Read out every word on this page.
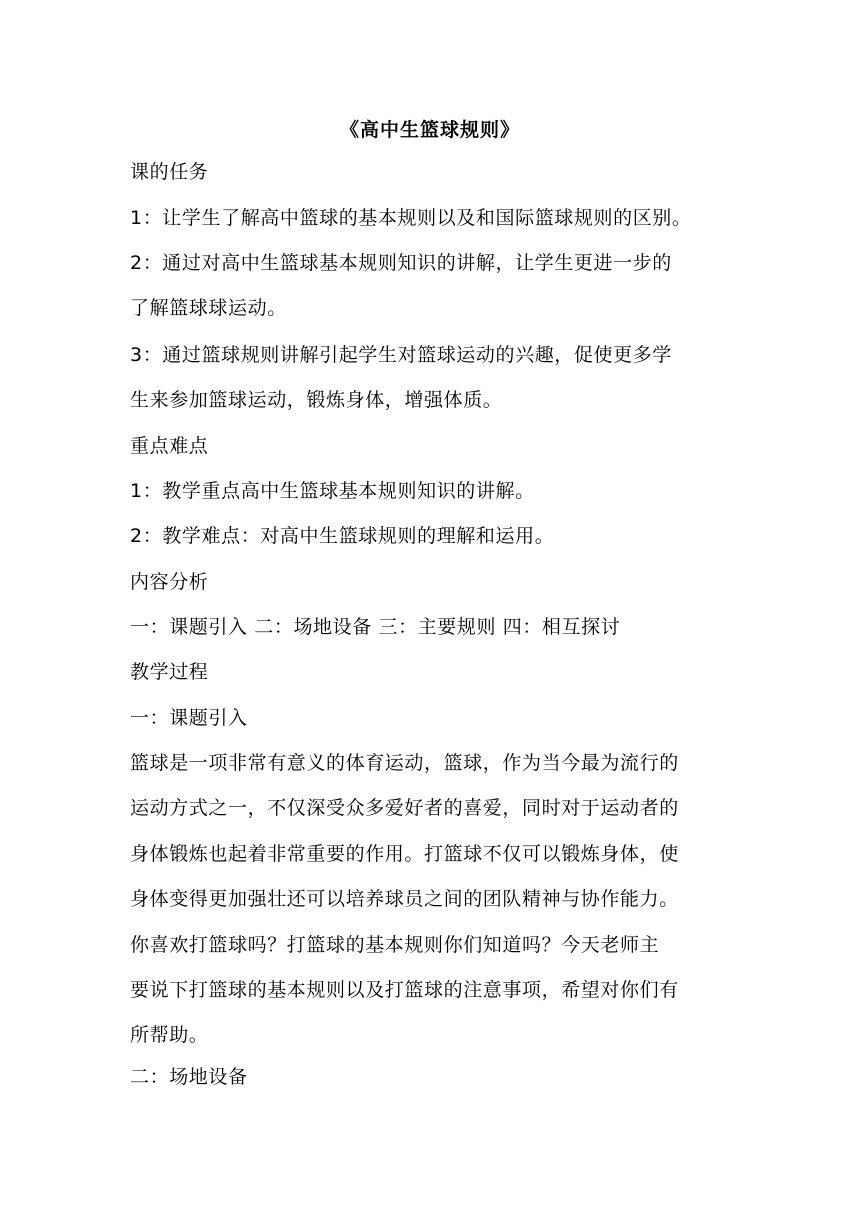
《高中生篮球规则》
课的任务
1：让学生了解高中篮球的基本规则以及和国际篮球规则的区别。
2：通过对高中生篮球基本规则知识的讲解，让学生更进一步的
了解篮球球运动。
3：通过篮球规则讲解引起学生对篮球运动的兴趣，促使更多学
生来参加篮球运动，锻炼身体，增强体质。
重点难点
1：教学重点高中生篮球基本规则知识的讲解。
2：教学难点：对高中生篮球规则的理解和运用。
内容分析
一：课题引入 二：场地设备 三：主要规则 四：相互探讨
教学过程
一：课题引入
篮球是一项非常有意义的体育运动，篮球，作为当今最为流行的
运动方式之一，不仅深受众多爱好者的喜爱，同时对于运动者的
身体锻炼也起着非常重要的作用。打篮球不仅可以锻炼身体，使
身体变得更加强壮还可以培养球员之间的团队精神与协作能力。
你喜欢打篮球吗？打篮球的基本规则你们知道吗？今天老师主
要说下打篮球的基本规则以及打篮球的注意事项，希望对你们有
所帮助。
二：场地设备
